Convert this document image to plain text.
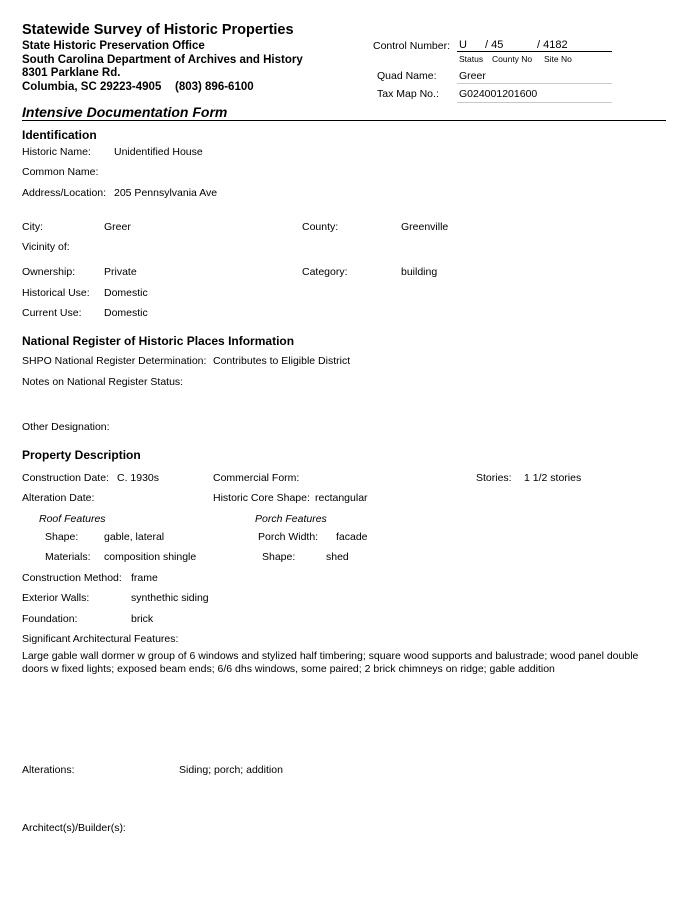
Statewide Survey of Historic Properties
State Historic Preservation Office
South Carolina Department of Archives and History
8301 Parklane Rd.
Columbia, SC 29223-4905 (803) 896-6100
Control Number: U / 45	/ 4182
Status County No Site No
Quad Name: Greer
Tax Map No.: G024001201600
Intensive Documentation Form
Identification
Historic Name: Unidentified House
Common Name:
Address/Location: 205 Pennsylvania Ave
City:	Greer	County:	Greenville
Vicinity of:
Ownership:	Private	Category:	building
Historical Use: Domestic
Current Use: Domestic
National Register of Historic Places Information
SHPO National Register Determination: Contributes to Eligible District
Notes on National Register Status:
Other Designation:
Property Description
Construction Date: C. 1930s	Commercial Form:	Stories: 1 1/2 stories
Alteration Date:	Historic Core Shape: rectangular
Roof Features	Porch Features
Shape: gable, lateral	Porch Width: facade
Materials: composition shingle	Shape:	shed
Construction Method: frame
Exterior Walls:	synthethic siding
Foundation:	brick
Significant Architectural Features:
Large gable wall dormer w group of 6 windows and stylized half timbering; square wood supports and balustrade; wood panel double doors w fixed lights; exposed beam ends; 6/6 dhs windows, some paired; 2 brick chimneys on ridge; gable addition
Alterations:	Siding; porch; addition
Architect(s)/Builder(s):
